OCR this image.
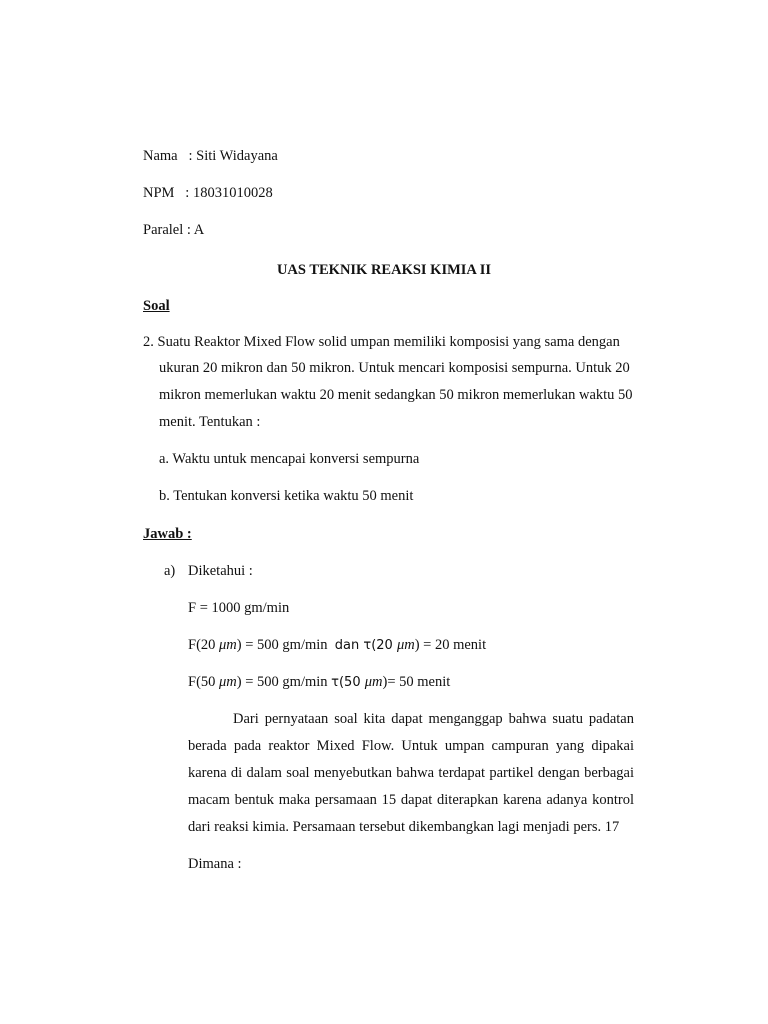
Nama   : Siti Widayana
NPM   : 18031010028
Paralel : A
UAS TEKNIK REAKSI KIMIA II
Soal
2. Suatu Reaktor Mixed Flow solid umpan memiliki komposisi yang sama dengan
ukuran 20 mikron dan 50 mikron. Untuk mencari komposisi sempurna. Untuk 20
mikron memerlukan waktu 20 menit sedangkan 50 mikron memerlukan waktu 50
menit. Tentukan :
a. Waktu untuk mencapai konversi sempurna
b. Tentukan konversi ketika waktu 50 menit
Jawab :
a) Diketahui :
F = 1000 gm/min
F(20 μm) = 500 gm/min  dan τ(20 μm) = 20 menit
F(50 μm) = 500 gm/min τ(50 μm)= 50 menit
Dari pernyataan soal kita dapat menganggap bahwa suatu padatan
berada pada reaktor Mixed Flow. Untuk umpan campuran yang dipakai
karena di dalam soal menyebutkan bahwa terdapat partikel dengan berbagai
macam bentuk maka persamaan 15 dapat diterapkan karena adanya kontrol
dari reaksi kimia. Persamaan tersebut dikembangkan lagi menjadi pers. 17
Dimana :
